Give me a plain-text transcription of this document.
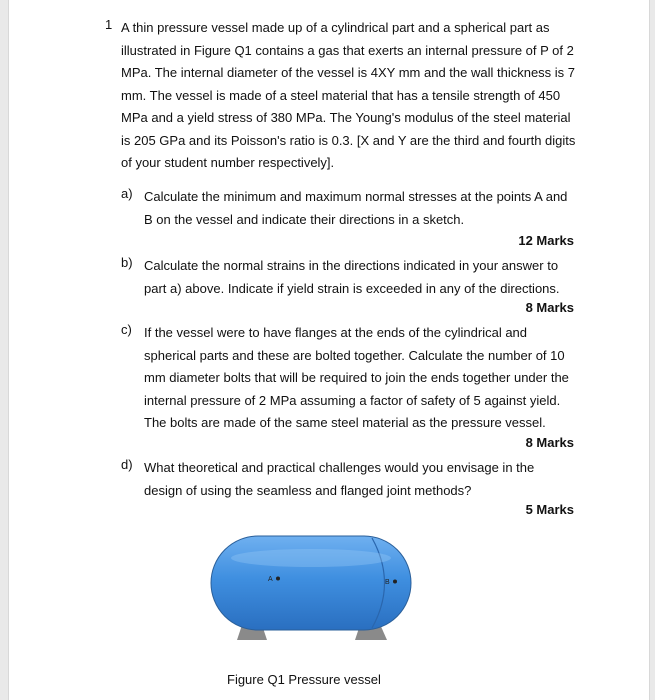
1 A thin pressure vessel made up of a cylindrical part and a spherical part as illustrated in Figure Q1 contains a gas that exerts an internal pressure of P of 2 MPa. The internal diameter of the vessel is 4XY mm and the wall thickness is 7 mm. The vessel is made of a steel material that has a tensile strength of 450 MPa and a yield stress of 380 MPa. The Young's modulus of the steel material is 205 GPa and its Poisson's ratio is 0.3. [X and Y are the third and fourth digits of your student number respectively].
a) Calculate the minimum and maximum normal stresses at the points A and B on the vessel and indicate their directions in a sketch.
12 Marks
b) Calculate the normal strains in the directions indicated in your answer to part a) above. Indicate if yield strain is exceeded in any of the directions.
8 Marks
c) If the vessel were to have flanges at the ends of the cylindrical and spherical parts and these are bolted together. Calculate the number of 10 mm diameter bolts that will be required to join the ends together under the internal pressure of 2 MPa assuming a factor of safety of 5 against yield. The bolts are made of the same steel material as the pressure vessel.
8 Marks
d) What theoretical and practical challenges would you envisage in the design of using the seamless and flanged joint methods?
5 Marks
A	B
Figure Q1 Pressure vessel
